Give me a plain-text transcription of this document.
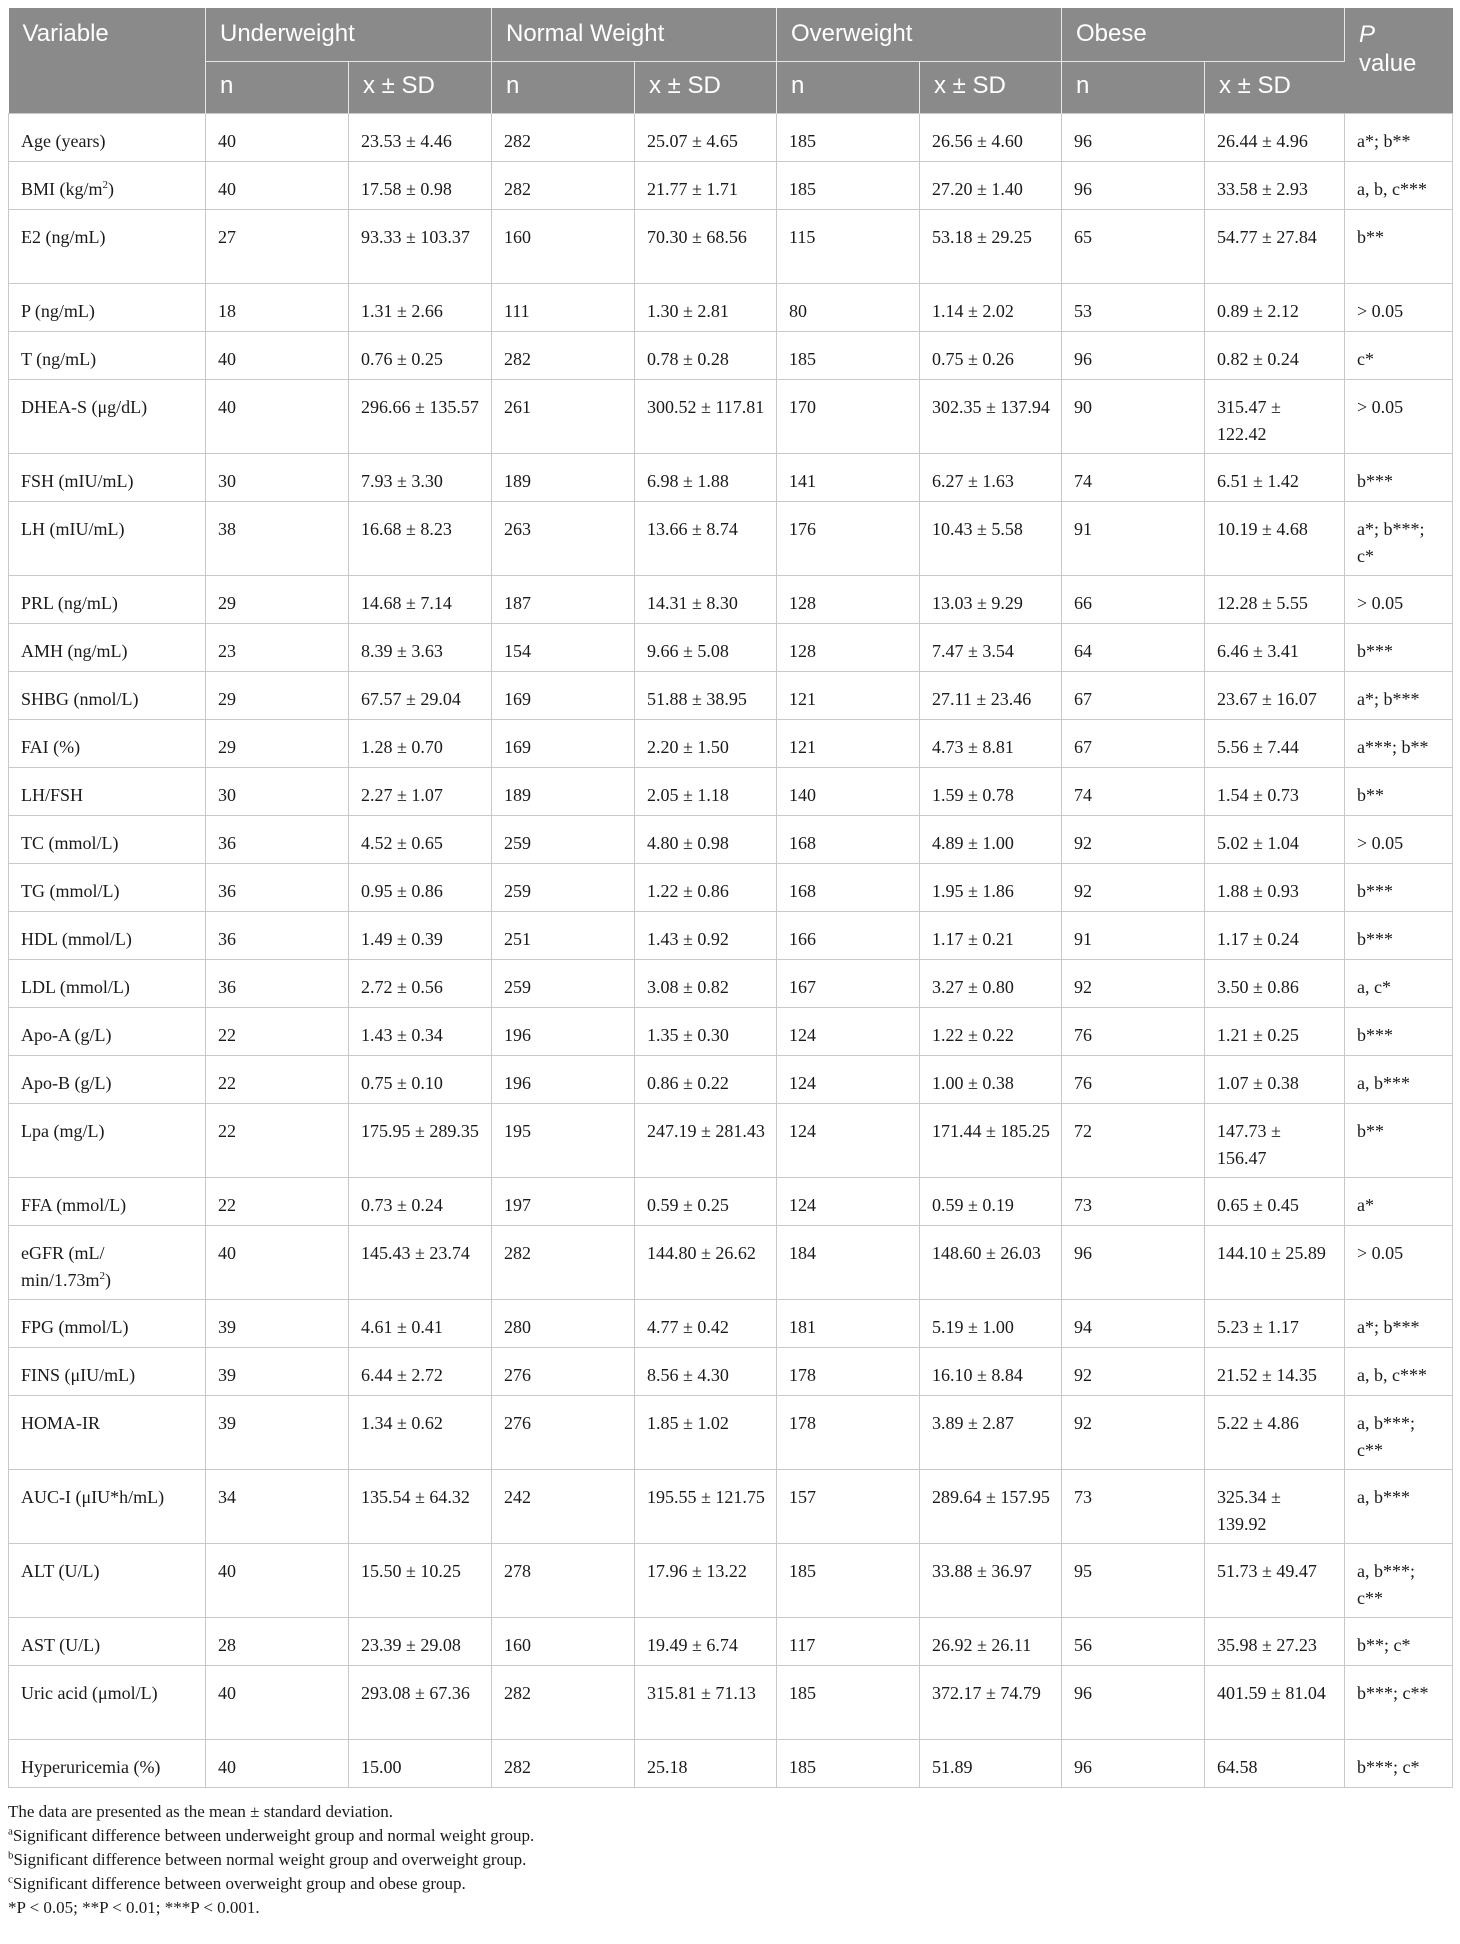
Variable	Underweight		Normal Weight		Overweight		Obese		P
value
	n	x ± SD	n	x ± SD	n	x ± SD	n	x ± SD	
Age (years)	40	23.53 ± 4.46	282	25.07 ± 4.65	185	26.56 ± 4.60	96	26.44 ± 4.96	a*; b**
BMI $(kg/m^2)$	40	17.58 ± 0.98	282	21.77 ± 1.71	185	27.20 ± 1.40	96	33.58 ± 2.93	a, b, c***
E2 (ng/mL)	27	93.33 ± 103.37	160	70.30 ± 68.56	115	53.18 ± 29.25	65	54.77 ± 27.84	b**
P (ng/mL)	18	1.31 ± 2.66	111	1.30 ± 2.81	80	1.14 ± 2.02	53	0.89 ± 2.12	> 0.05
T (ng/mL)	40	0.76 ± 0.25	282	0.78 ± 0.28	185	0.75 ± 0.26	96	0.82 ± 0.24	c*
DHEA-S (μg/dL)	40	296.66 ± 135.57	261	300.52 ± 117.81	170	302.35 ± 137.94	90	315.47 ± 122.42	> 0.05
FSH (mIU/mL)	30	7.93 ± 3.30	189	6.98 ± 1.88	141	6.27 ± 1.63	74	6.51 ± 1.42	b***
LH (mIU/mL)	38	16.68 ± 8.23	263	13.66 ± 8.74	176	10.43 ± 5.58	91	10.19 ± 4.68	a*; b***; c*
PRL (ng/mL)	29	14.68 ± 7.14	187	14.31 ± 8.30	128	13.03 ± 9.29	66	12.28 ± 5.55	> 0.05
AMH (ng/mL)	23	8.39 ± 3.63	154	9.66 ± 5.08	128	7.47 ± 3.54	64	6.46 ± 3.41	b***
SHBG (nmol/L)	29	67.57 ± 29.04	169	51.88 ± 38.95	121	27.11 ± 23.46	67	23.67 ± 16.07	a*; b***
FAI (%)	29	1.28 ± 0.70	169	2.20 ± 1.50	121	4.73 ± 8.81	67	5.56 ± 7.44	a***; b**
LH/FSH	30	2.27 ± 1.07	189	2.05 ± 1.18	140	1.59 ± 0.78	74	1.54 ± 0.73	b**
TC (mmol/L)	36	4.52 ± 0.65	259	4.80 ± 0.98	168	4.89 ± 1.00	92	5.02 ± 1.04	> 0.05
TG (mmol/L)	36	0.95 ± 0.86	259	1.22 ± 0.86	168	1.95 ± 1.86	92	1.88 ± 0.93	b***
HDL (mmol/L)	36	1.49 ± 0.39	251	1.43 ± 0.92	166	1.17 ± 0.21	91	1.17 ± 0.24	b***
LDL (mmol/L)	36	2.72 ± 0.56	259	3.08 ± 0.82	167	3.27 ± 0.80	92	3.50 ± 0.86	a, c*
Apo-A (g/L)	22	1.43 ± 0.34	196	1.35 ± 0.30	124	1.22 ± 0.22	76	1.21 ± 0.25	b***
Apo-B (g/L)	22	0.75 ± 0.10	196	0.86 ± 0.22	124	1.00 ± 0.38	76	1.07 ± 0.38	a, b***
Lpa (mg/L)	22	175.95 ± 289.35	195	247.19 ± 281.43	124	171.44 ± 185.25	72	147.73 ± 156.47	b**
FFA (mmol/L)	22	0.73 ± 0.24	197	0.59 ± 0.25	124	0.59 ± 0.19	73	0.65 ± 0.45	a*
eGFR (mL/ $\min/1.73m^2$)	40	145.43 ± 23.74	282	144.80 ± 26.62	184	148.60 ± 26.03	96	144.10 ± 25.89	> 0.05
FPG (mmol/L)	39	4.61 ± 0.41	280	4.77 ± 0.42	181	5.19 ± 1.00	94	5.23 ± 1.17	a*; b***
FINS (μIU/mL)	39	6.44 ± 2.72	276	8.56 ± 4.30	178	16.10 ± 8.84	92	21.52 ± 14.35	a, b, c***
HOMA-IR	39	1.34 ± 0.62	276	1.85 ± 1.02	178	3.89 ± 2.87	92	5.22 ± 4.86	a, b***; c**
AUC-I (μIU*h/mL)	34	135.54 ± 64.32	242	195.55 ± 121.75	157	289.64 ± 157.95	73	325.34 ± 139.92	a, b***
ALT (U/L)	40	15.50 ± 10.25	278	17.96 ± 13.22	185	33.88 ± 36.97	95	51.73 ± 49.47	a, b***; c**
AST (U/L)	28	23.39 ± 29.08	160	19.49 ± 6.74	117	26.92 ± 26.11	56	35.98 ± 27.23	b**; c*
Uric acid (μmol/L)	40	293.08 ± 67.36	282	315.81 ± 71.13	185	372.17 ± 74.79	96	401.59 ± 81.04	b***; c**
Hyperuricemia (%)	40	15.00	282	25.18	185	51.89	96	64.58	b***; c*
The data are presented as the mean ± standard deviation.
$^a$Significant difference between underweight group and normal weight group.
$^b$Significant difference between normal weight group and overweight group.
$^c$Significant difference between overweight group and obese group.
*P < 0.05; **P < 0.01; ***P < 0.001.
